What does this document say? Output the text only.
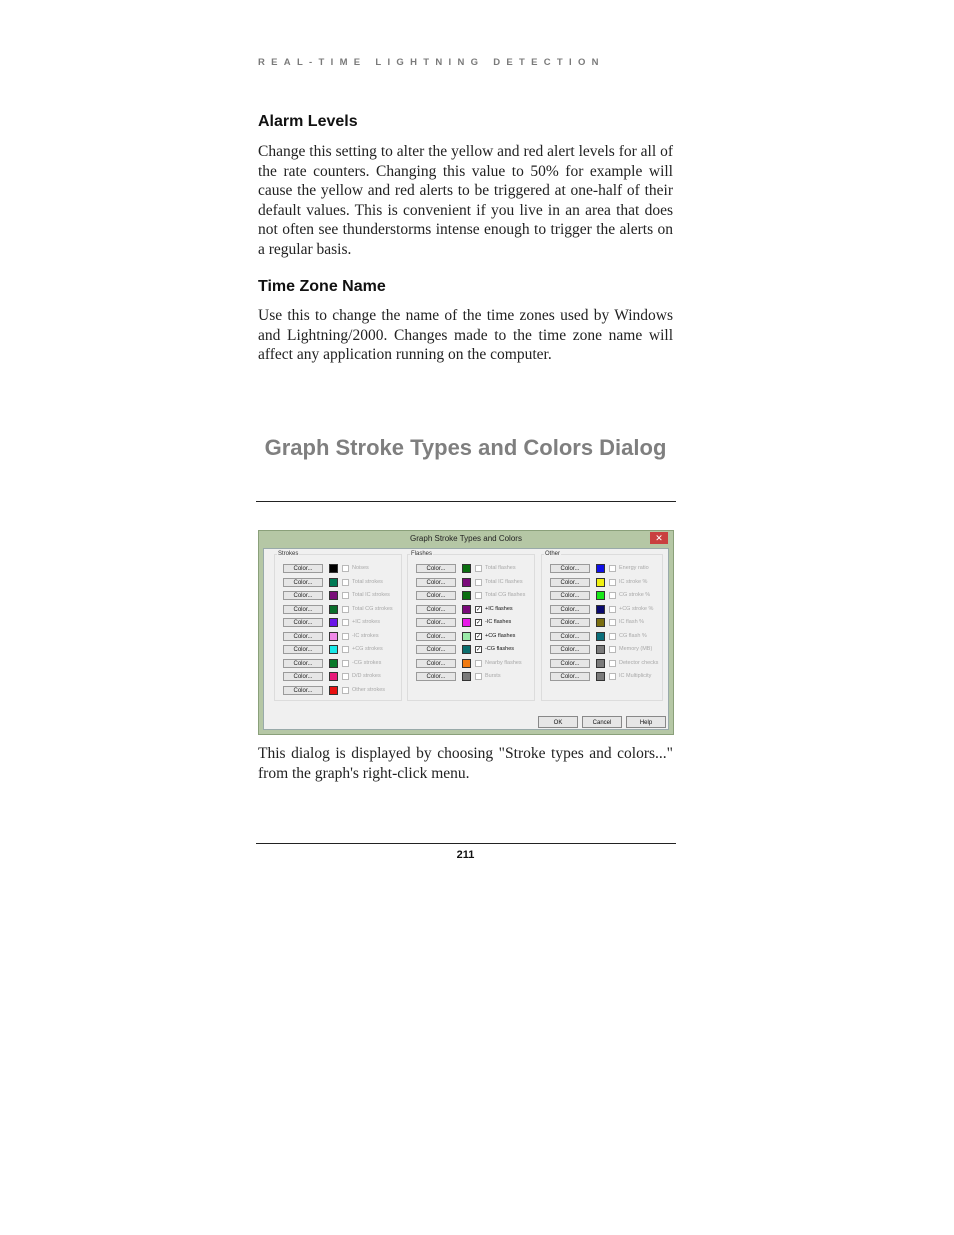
REAL-TIME LIGHTNING DETECTION
Alarm Levels
Change this setting to alter the yellow and red alert levels for all of the rate counters. Changing this value to 50% for example will cause the yellow and red alerts to be triggered at one-half of their default values. This is convenient if you live in an area that does not often see thunderstorms intense enough to trigger the alerts on a regular basis.
Time Zone Name
Use this to change the name of the time zones used by Windows and Lightning/2000. Changes made to the time zone name will affect any application running on the computer.
Graph Stroke Types and Colors Dialog
Graph Stroke Types and Colors	✕
Strokes
Color...	Noises
Color...	Total strokes
Color...	Total IC strokes
Color...	Total CG strokes
Color...	+IC strokes
Color...	-IC strokes
Color...	+CG strokes
Color...	-CG strokes
Color...	D/D strokes
Color...	Other strokes
Flashes
Color...	Total flashes
Color...	Total IC flashes
Color...	Total CG flashes
Color...	✓ +IC flashes
Color...	✓ -IC flashes
Color...	✓ +CG flashes
Color...	✓ -CG flashes
Color...	Nearby flashes
Color...	Bursts
Other
Color...	Energy ratio
Color...	IC stroke %
Color...	CG stroke %
Color...	+CG stroke %
Color...	IC flash %
Color...	CG flash %
Color...	Memory (MB)
Color...	Detector checks
Color...	IC Multiplicity
OK	Cancel	Help
This dialog is displayed by choosing "Stroke types and colors..." from the graph's right-click menu.
211
